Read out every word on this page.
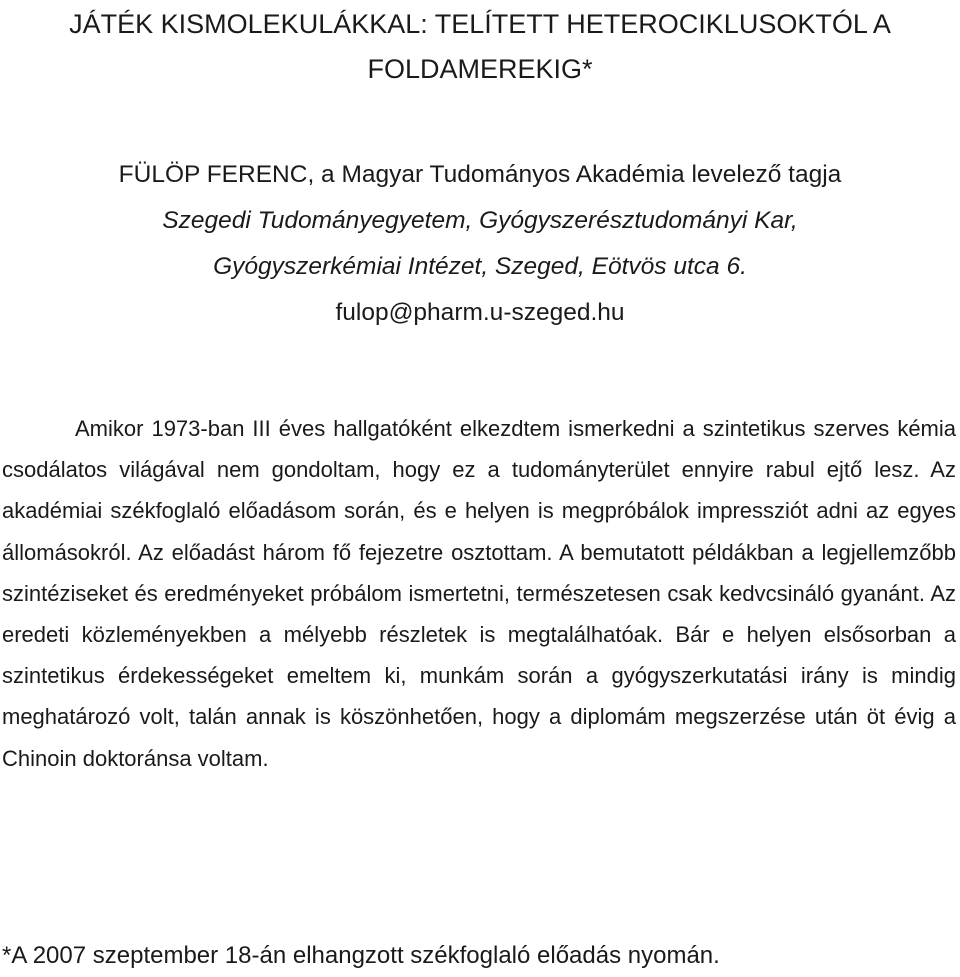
JÁTÉK KISMOLEKULÁKKAL: TELÍTETT HETEROCIKLUSOKTÓL A
FOLDAMEREKIG*
FÜLÖP FERENC, a Magyar Tudományos Akadémia levelező tagja
Szegedi Tudományegyetem, Gyógyszerésztudományi Kar,
Gyógyszerkémiai Intézet, Szeged, Eötvös utca 6.
fulop@pharm.u-szeged.hu

Amikor 1973-ban III éves hallgatóként elkezdtem ismerkedni a szintetikus szerves kémia csodálatos világával nem gondoltam, hogy ez a tudományterület ennyire rabul ejtő lesz. Az akadémiai székfoglaló előadásom során, és e helyen is megpróbálok impressziót adni az egyes állomásokról. Az előadást három fő fejezetre osztottam. A bemutatott példákban a legjellemzőbb szintéziseket és eredményeket próbálom ismertetni, természetesen csak kedvcsináló gyanánt. Az eredeti közleményekben a mélyebb részletek is megtalálhatóak. Bár e helyen elsősorban a szintetikus érdekességeket emeltem ki, munkám során a gyógyszerkutatási irány is mindig meghatározó volt, talán annak is köszönhetően, hogy a diplomám megszerzése után öt évig a Chinoin doktoránsa voltam.

*A 2007 szeptember 18-án elhangzott székfoglaló előadás nyomán.
